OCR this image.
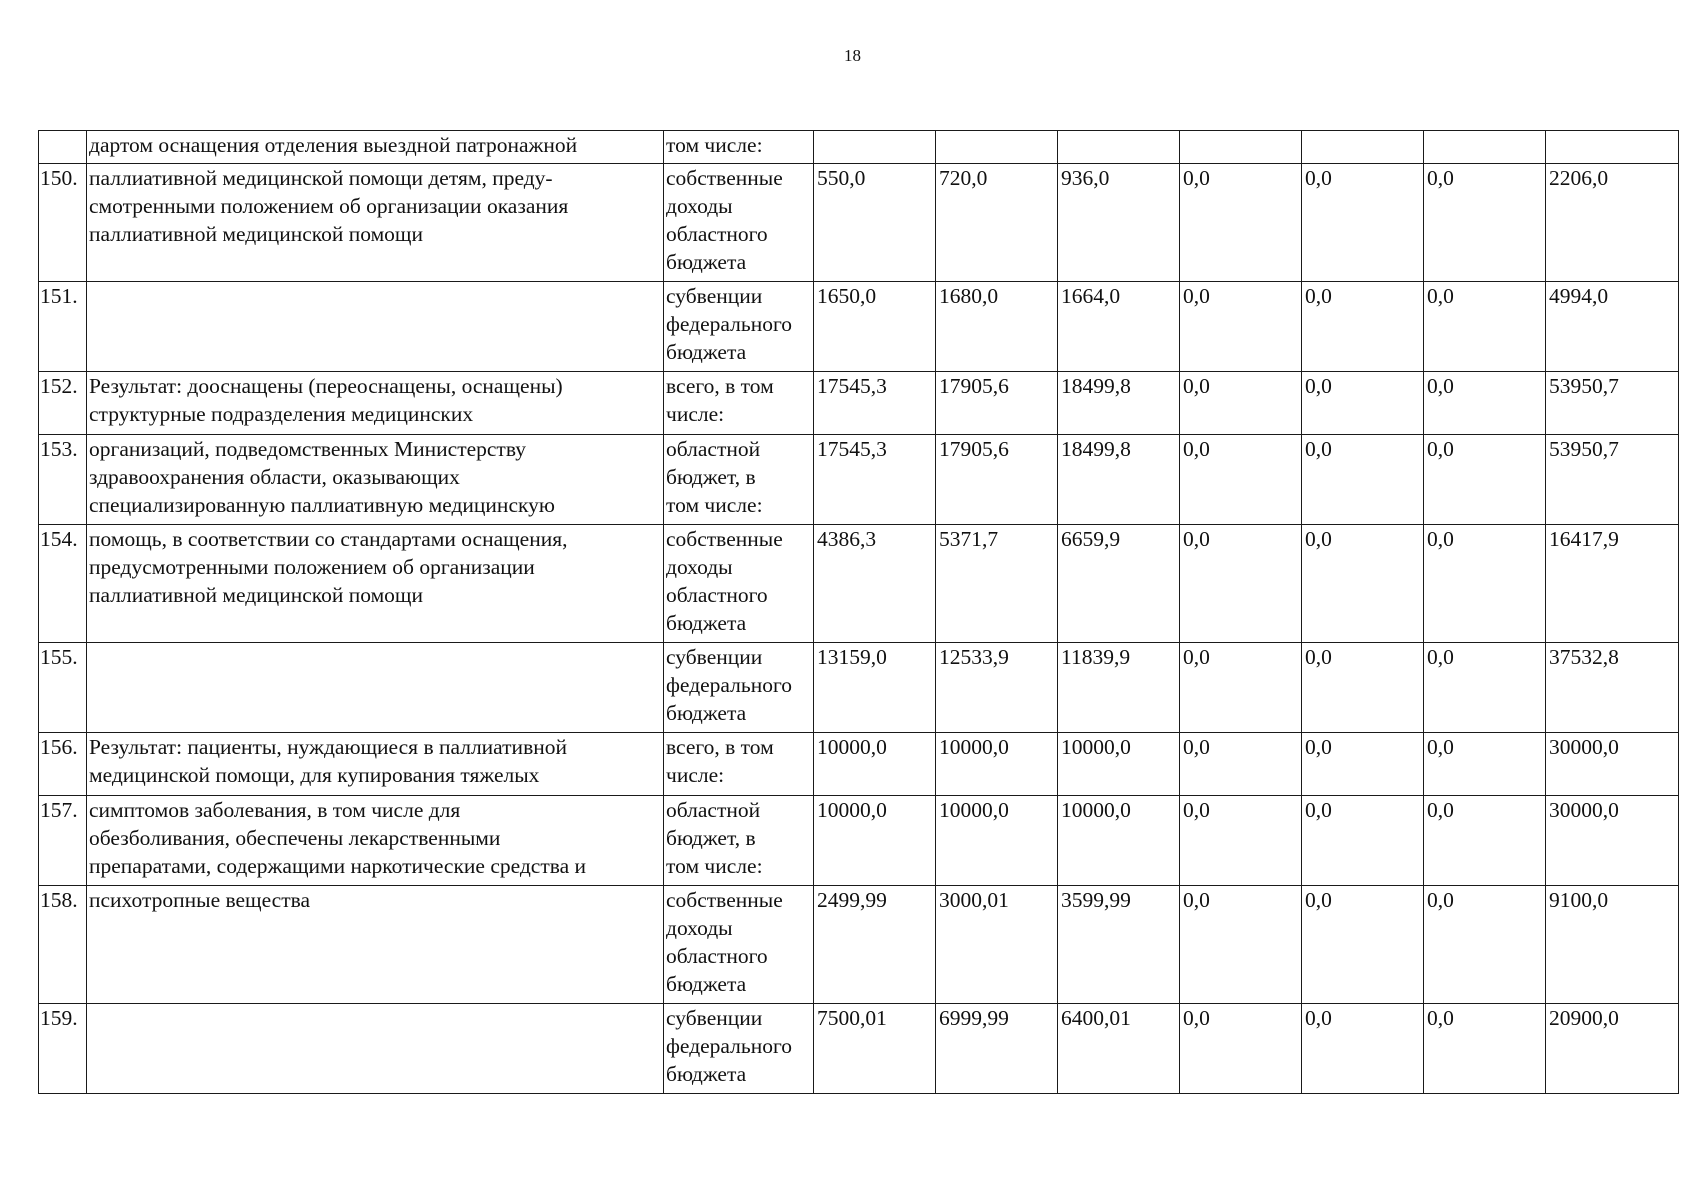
18

	дартом оснащения отделения выездной патронажной	том числе:							

150.	паллиативной медицинской помощи детям, преду-
смотренными положением об организации оказания
паллиативной медицинской помощи	собственные
доходы
областного
бюджета	550,0	720,0	936,0	0,0	0,0	0,0	2206,0
151.		субвенции
федерального
бюджета	1650,0	1680,0	1664,0	0,0	0,0	0,0	4994,0
152.	Результат: дооснащены (переоснащены, оснащены)
структурные подразделения медицинских	всего, в том
числе:	17545,3	17905,6	18499,8	0,0	0,0	0,0	53950,7
153.	организаций, подведомственных Министерству
здравоохранения области, оказывающих
специализированную паллиативную медицинскую	областной
бюджет, в
том числе:	17545,3	17905,6	18499,8	0,0	0,0	0,0	53950,7
154.	помощь, в соответствии со стандартами оснащения,
предусмотренными положением об организации
паллиативной медицинской помощи	собственные
доходы
областного
бюджета	4386,3	5371,7	6659,9	0,0	0,0	0,0	16417,9
155.		субвенции
федерального
бюджета	13159,0	12533,9	11839,9	0,0	0,0	0,0	37532,8
156.	Результат: пациенты, нуждающиеся в паллиативной
медицинской помощи, для купирования тяжелых	всего, в том
числе:	10000,0	10000,0	10000,0	0,0	0,0	0,0	30000,0
157.	симптомов заболевания, в том числе для
обезболивания, обеспечены лекарственными
препаратами, содержащими наркотические средства и	областной
бюджет, в
том числе:	10000,0	10000,0	10000,0	0,0	0,0	0,0	30000,0
158.	психотропные вещества	собственные
доходы
областного
бюджета	2499,99	3000,01	3599,99	0,0	0,0	0,0	9100,0
159.		субвенции
федерального
бюджета	7500,01	6999,99	6400,01	0,0	0,0	0,0	20900,0
